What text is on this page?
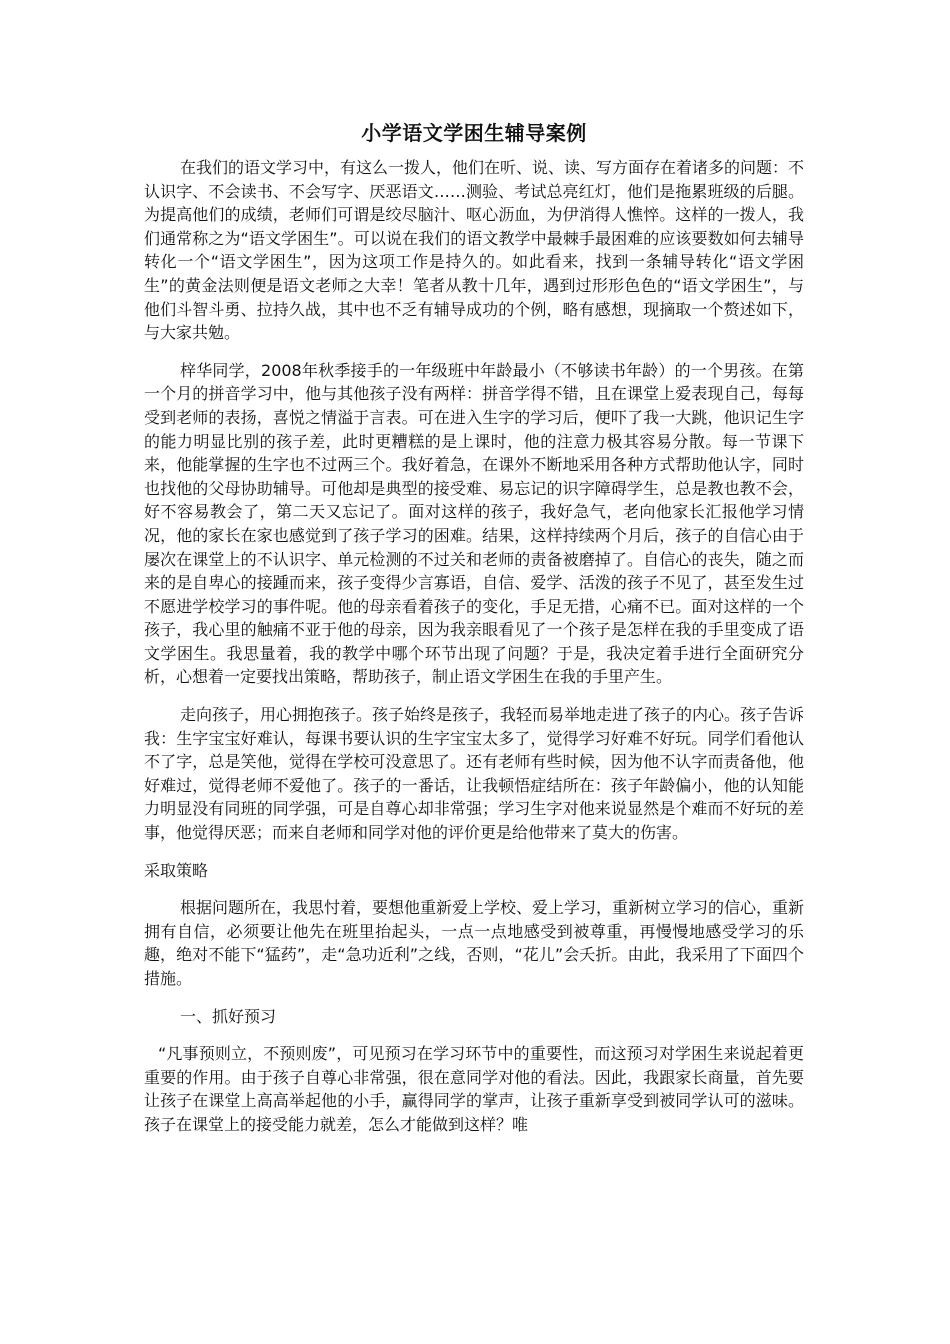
小学语文学困生辅导案例

在我们的语文学习中，有这么一拨人，他们在听、说、读、写方面存在着诸多的问题：不认识字、不会读书、不会写字、厌恶语文……测验、考试总亮红灯，他们是拖累班级的后腿。为提高他们的成绩，老师们可谓是绞尽脑汁、呕心沥血，为伊消得人憔悴。这样的一拨人，我们通常称之为“语文学困生”。可以说在我们的语文教学中最棘手最困难的应该要数如何去辅导转化一个“语文学困生”，因为这项工作是持久的。如此看来，找到一条辅导转化“语文学困生”的黄金法则便是语文老师之大幸！笔者从教十几年，遇到过形形色色的“语文学困生”，与他们斗智斗勇、拉持久战，其中也不乏有辅导成功的个例，略有感想，现摘取一个赘述如下，与大家共勉。

梓华同学，2008年秋季接手的一年级班中年龄最小（不够读书年龄）的一个男孩。在第一个月的拼音学习中，他与其他孩子没有两样：拼音学得不错，且在课堂上爱表现自己，每每受到老师的表扬，喜悦之情溢于言表。可在进入生字的学习后，便吓了我一大跳，他识记生字的能力明显比别的孩子差，此时更糟糕的是上课时，他的注意力极其容易分散。每一节课下来，他能掌握的生字也不过两三个。我好着急，在课外不断地采用各种方式帮助他认字，同时也找他的父母协助辅导。可他却是典型的接受难、易忘记的识字障碍学生，总是教也教不会，好不容易教会了，第二天又忘记了。面对这样的孩子，我好急气，老向他家长汇报他学习情况，他的家长在家也感觉到了孩子学习的困难。结果，这样持续两个月后，孩子的自信心由于屡次在课堂上的不认识字、单元检测的不过关和老师的责备被磨掉了。自信心的丧失，随之而来的是自卑心的接踵而来，孩子变得少言寡语，自信、爱学、活泼的孩子不见了，甚至发生过不愿进学校学习的事件呢。他的母亲看着孩子的变化，手足无措，心痛不已。面对这样的一个孩子，我心里的触痛不亚于他的母亲，因为我亲眼看见了一个孩子是怎样在我的手里变成了语文学困生。我思量着，我的教学中哪个环节出现了问题？于是，我决定着手进行全面研究分析，心想着一定要找出策略，帮助孩子，制止语文学困生在我的手里产生。

走向孩子，用心拥抱孩子。孩子始终是孩子，我轻而易举地走进了孩子的内心。孩子告诉我：生字宝宝好难认，每课书要认识的生字宝宝太多了，觉得学习好难不好玩。同学们看他认不了字，总是笑他，觉得在学校可没意思了。还有老师有些时候，因为他不认字而责备他，他好难过，觉得老师不爱他了。孩子的一番话，让我顿悟症结所在：孩子年龄偏小，他的认知能力明显没有同班的同学强，可是自尊心却非常强；学习生字对他来说显然是个难而不好玩的差事，他觉得厌恶；而来自老师和同学对他的评价更是给他带来了莫大的伤害。

采取策略

根据问题所在，我思忖着，要想他重新爱上学校、爱上学习，重新树立学习的信心，重新拥有自信，必须要让他先在班里抬起头，一点一点地感受到被尊重，再慢慢地感受学习的乐趣，绝对不能下“猛药”，走“急功近利”之线，否则，“花儿”会夭折。由此，我采用了下面四个措施。

一、抓好预习

“凡事预则立，不预则废”，可见预习在学习环节中的重要性，而这预习对学困生来说起着更重要的作用。由于孩子自尊心非常强，很在意同学对他的看法。因此，我跟家长商量，首先要让孩子在课堂上高高举起他的小手，赢得同学的掌声，让孩子重新享受到被同学认可的滋味。孩子在课堂上的接受能力就差，怎么才能做到这样？唯
